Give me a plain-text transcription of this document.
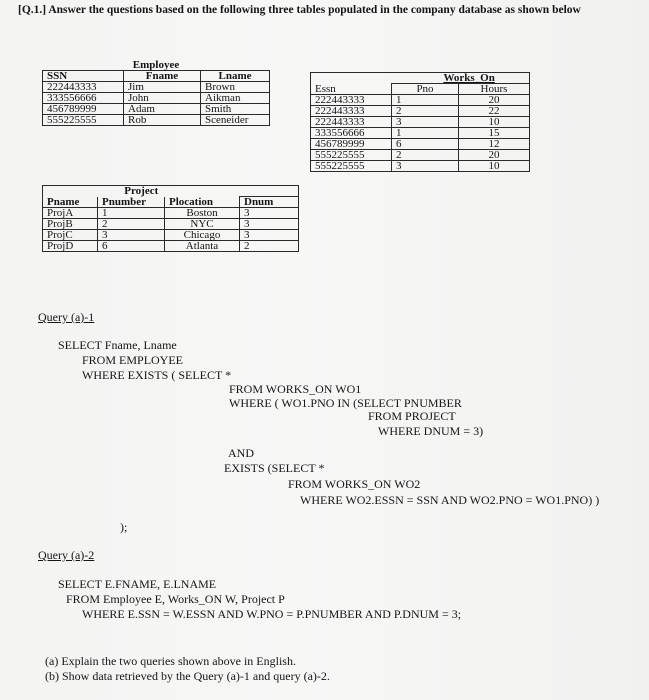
[Q.1.] Answer the questions based on the following three tables populated in the company database as shown below
Employee		
SSN	Fname	Lname
222443333	Jim	Brown
333556666	John	Aikman
456789999	Adam	Smith
555225555	Rob	Sceneider
	Works_On	
Essn	Pno	Hours
222443333	1	20
222443333	2	22
222443333	3	10
333556666	1	15
456789999	6	12
555225555	2	20
555225555	3	10
Project			
Pname	Pnumber	Plocation	Dnum
ProjA	1	Boston	3
ProjB	2	NYC	3
ProjC	3	Chicago	3
ProjD	6	Atlanta	2
Query (a)-1
SELECT Fname, Lname
FROM EMPLOYEE
WHERE EXISTS ( SELECT *
FROM WORKS_ON WO1
WHERE ( WO1.PNO IN (SELECT PNUMBER
FROM PROJECT
WHERE DNUM = 3)
AND
EXISTS (SELECT *
FROM WORKS_ON WO2
WHERE WO2.ESSN = SSN AND WO2.PNO = WO1.PNO) )
);
Query (a)-2
SELECT E.FNAME, E.LNAME
FROM Employee E, Works_ON W, Project P
WHERE E.SSN = W.ESSN AND W.PNO = P.PNUMBER AND P.DNUM = 3;
(a) Explain the two queries shown above in English.
(b) Show data retrieved by the Query (a)-1 and query (a)-2.
